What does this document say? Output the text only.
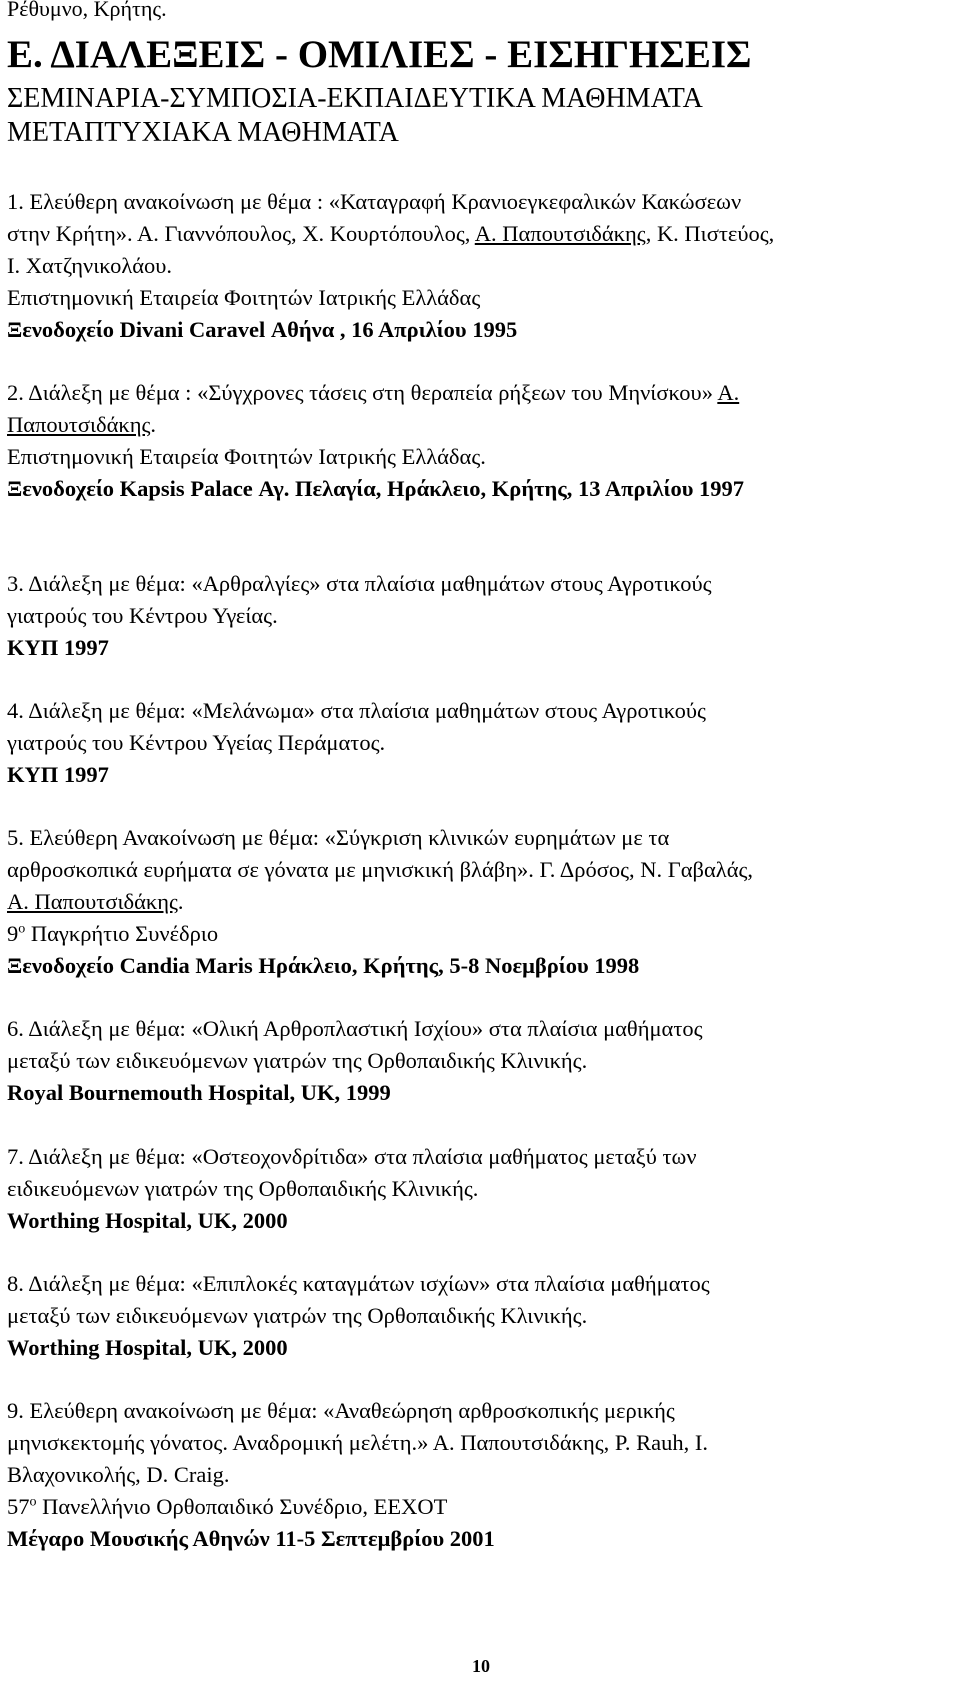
Ρέθυμνο, Κρήτης.
Ε. ΔΙΑΛΕΞΕΙΣ - ΟΜΙΛΙΕΣ - ΕΙΣΗΓΗΣΕΙΣ
ΣΕΜΙΝΑΡΙΑ-ΣΥΜΠΟΣΙΑ-ΕΚΠΑΙΔΕΥΤΙΚΑ ΜΑΘΗΜΑΤΑ
ΜΕΤΑΠΤΥΧΙΑΚΑ ΜΑΘΗΜΑΤΑ
1. Ελεύθερη ανακοίνωση με θέμα : «Καταγραφή Κρανιοεγκεφαλικών Κακώσεων
στην Κρήτη». Α. Γιαννόπουλος, Χ. Κουρτόπουλος, Α. Παπουτσιδάκης, Κ. Πιστεύος,
Ι. Χατζηνικολάου.
Επιστημονική Εταιρεία Φοιτητών Ιατρικής Ελλάδας
Ξενοδοχείο Divani Caravel Αθήνα , 16 Απριλίου 1995
2. Διάλεξη με θέμα : «Σύγχρονες τάσεις στη θεραπεία ρήξεων του Μηνίσκου» Α.
Παπουτσιδάκης.
Επιστημονική Εταιρεία Φοιτητών Ιατρικής Ελλάδας.
Ξενοδοχείο Kapsis Palace Αγ. Πελαγία, Ηράκλειο, Κρήτης, 13 Απριλίου 1997
3. Διάλεξη με θέμα: «Αρθραλγίες» στα πλαίσια μαθημάτων στους Αγροτικούς
γιατρούς του Κέντρου Υγείας.
ΚΥΠ 1997
4. Διάλεξη με θέμα: «Μελάνωμα» στα πλαίσια μαθημάτων στους Αγροτικούς
γιατρούς του Κέντρου Υγείας Περάματος.
ΚΥΠ 1997
5. Ελεύθερη Ανακοίνωση με θέμα: «Σύγκριση κλινικών ευρημάτων με τα
αρθροσκοπικά ευρήματα σε γόνατα με μηνισκική βλάβη». Γ. Δρόσος, Ν. Γαβαλάς,
Α. Παπουτσιδάκης.
$9^o$ Παγκρήτιο Συνέδριο
Ξενοδοχείο Candia Maris Ηράκλειο, Κρήτης, 5-8 Νοεμβρίου 1998
6. Διάλεξη με θέμα: «Ολική Αρθροπλαστική Ισχίου» στα πλαίσια μαθήματος
μεταξύ των ειδικευόμενων γιατρών της Ορθοπαιδικής Κλινικής.
Royal Bournemouth Hospital, UK, 1999
7. Διάλεξη με θέμα: «Οστεοχονδρίτιδα» στα πλαίσια μαθήματος μεταξύ των
ειδικευόμενων γιατρών της Ορθοπαιδικής Κλινικής.
Worthing Hospital, UK, 2000
8. Διάλεξη με θέμα: «Επιπλοκές καταγμάτων ισχίων» στα πλαίσια μαθήματος
μεταξύ των ειδικευόμενων γιατρών της Ορθοπαιδικής Κλινικής.
Worthing Hospital, UK, 2000
9. Ελεύθερη ανακοίνωση με θέμα: «Αναθεώρηση αρθροσκοπικής μερικής
μηνισκεκτομής γόνατος. Αναδρομική μελέτη.» Α. Παπουτσιδάκης, P. Rauh, I.
Βλαχονικολής, D. Craig.
$57^o$ Πανελλήνιο Ορθοπαιδικό Συνέδριο, ΕΕΧΟΤ
Μέγαρο Μουσικής Αθηνών 11-5 Σεπτεμβρίου 2001
10
